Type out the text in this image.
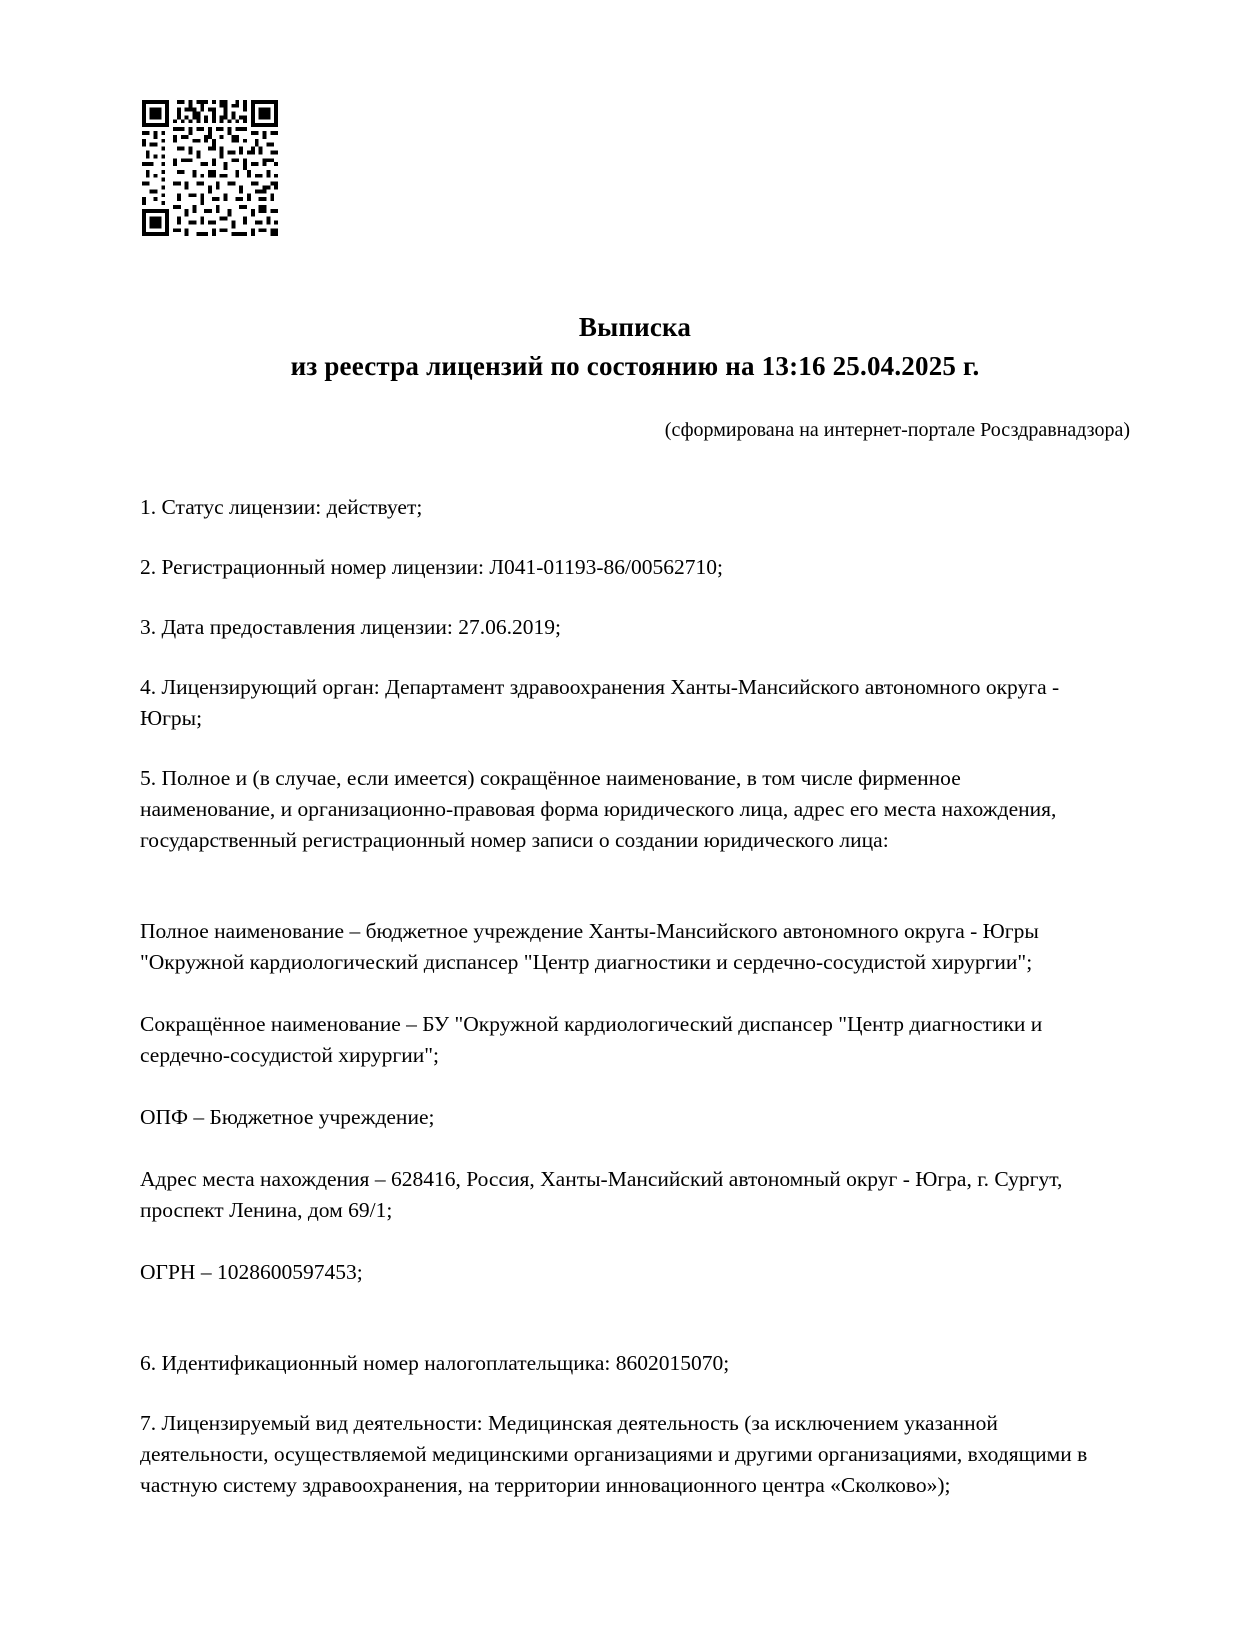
Выписка
из реестра лицензий по состоянию на 13:16 25.04.2025 г.
(сформирована на интернет-портале Росздравнадзора)

1. Статус лицензии: действует;

2. Регистрационный номер лицензии: Л041-01193-86/00562710;

3. Дата предоставления лицензии: 27.06.2019;

4. Лицензирующий орган: Департамент здравоохранения Ханты-Мансийского автономного округа - Югры;

5. Полное и (в случае, если имеется) сокращённое наименование, в том числе фирменное наименование, и организационно-правовая форма юридического лица, адрес его места нахождения, государственный регистрационный номер записи о создании юридического лица:

Полное наименование – бюджетное учреждение Ханты-Мансийского автономного округа - Югры "Окружной кардиологический диспансер "Центр диагностики и сердечно-сосудистой хирургии";

Сокращённое наименование – БУ "Окружной кардиологический диспансер "Центр диагностики и сердечно-сосудистой хирургии";

ОПФ – Бюджетное учреждение;

Адрес места нахождения – 628416, Россия, Ханты-Мансийский автономный округ - Югра, г. Сургут, проспект Ленина, дом 69/1;

ОГРН – 1028600597453;

6. Идентификационный номер налогоплательщика: 8602015070;

7. Лицензируемый вид деятельности: Медицинская деятельность (за исключением указанной деятельности, осуществляемой медицинскими организациями и другими организациями, входящими в частную систему здравоохранения, на территории инновационного центра «Сколково»);
